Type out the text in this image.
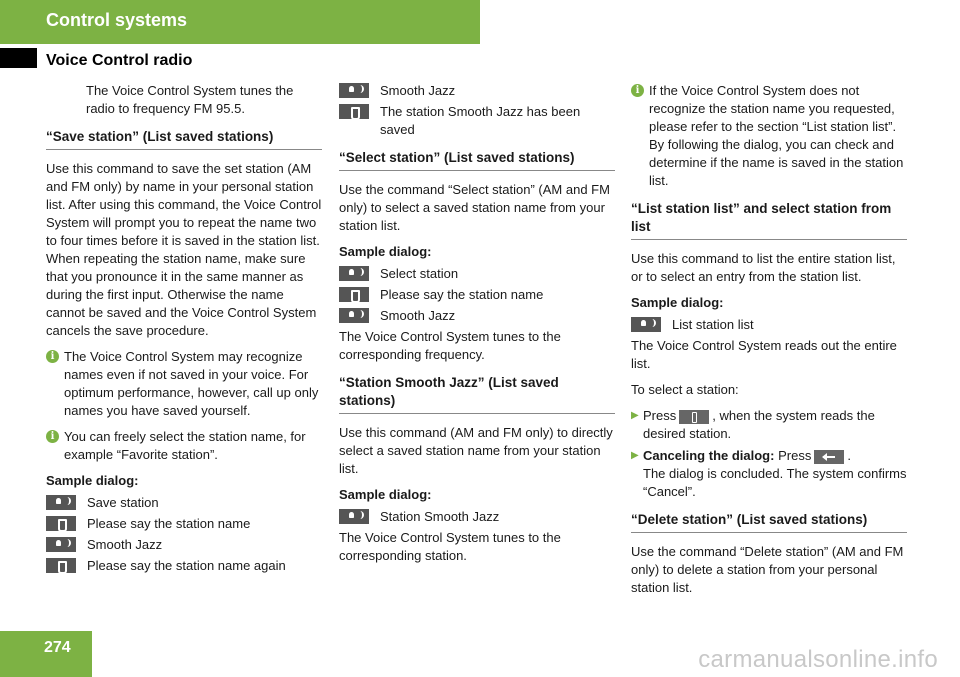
Control systems
Voice Control radio

The Voice Control System tunes the radio to frequency FM 95.5.

“Save station” (List saved stations)

Use this command to save the set station (AM and FM only) by name in your personal station list. After using this command, the Voice Control System will prompt you to repeat the name two to four times before it is saved in the station list. When repeating the station name, make sure that you pronounce it in the same manner as during the first input. Otherwise the name cannot be saved and the Voice Control System cancels the save procedure.

i The Voice Control System may recognize names even if not saved in your voice. For optimum performance, however, call up only names you have saved yourself.
i You can freely select the station name, for example “Favorite station”.
Sample dialog:
Save station
Please say the station name
Smooth Jazz
Please say the station name again
Smooth Jazz
The station Smooth Jazz has been saved
“Select station” (List saved stations)

Use the command “Select station” (AM and FM only) to select a saved station name from your station list.

Sample dialog:
Select station
Please say the station name
Smooth Jazz

The Voice Control System tunes to the corresponding frequency.

“Station Smooth Jazz” (List saved stations)

Use this command (AM and FM only) to directly select a saved station name from your station list.

Sample dialog:
Station Smooth Jazz

The Voice Control System tunes to the corresponding station.

i If the Voice Control System does not recognize the station name you requested, please refer to the section “List station list”. By following the dialog, you can check and determine if the name is saved in the station list.
“List station list” and select station from list

Use this command to list the entire station list, or to select an entry from the station list.

Sample dialog:
List station list

The Voice Control System reads out the entire list.

To select a station:

▶ Press	, when the system reads the desired station.
▶ Canceling the dialog: Press	.
The dialog is concluded. The system confirms “Cancel”.
“Delete station” (List saved stations)

Use the command “Delete station” (AM and FM only) to delete a station from your personal station list.

274	carmanualsonline.info
